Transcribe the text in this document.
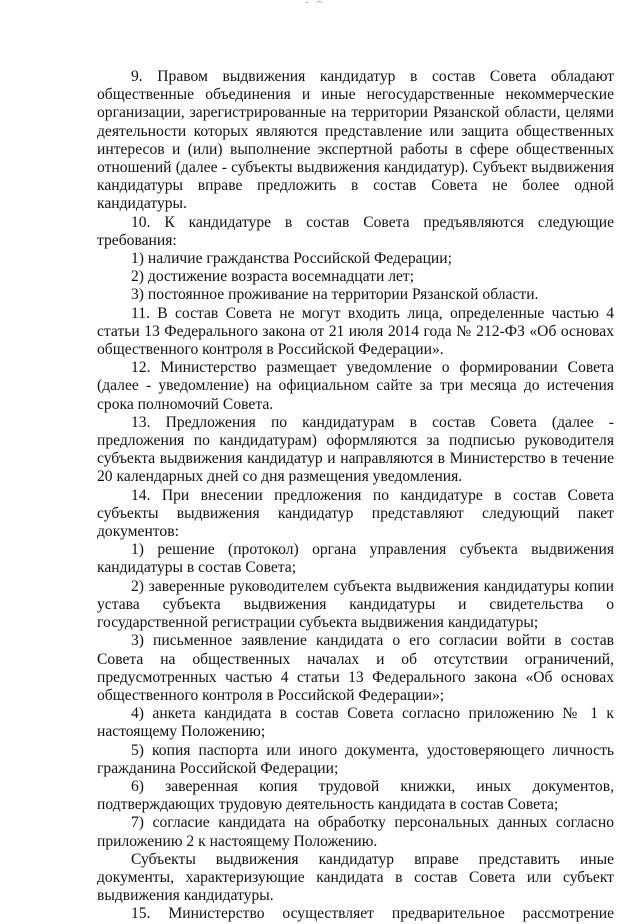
- ~

9. Правом выдвижения кандидатур в состав Совета обладают общественные объединения и иные негосударственные некоммерческие организации, зарегистрированные на территории Рязанской области, целями деятельности которых являются представление или защита общественных интересов и (или) выполнение экспертной работы в сфере общественных отношений (далее - субъекты выдвижения кандидатур). Субъект выдвижения кандидатуры вправе предложить в состав Совета не более одной кандидатуры.

10. К кандидатуре в состав Совета предъявляются следующие требования:

1) наличие гражданства Российской Федерации;

2) достижение возраста восемнадцати лет;

3) постоянное проживание на территории Рязанской области.

11. В состав Совета не могут входить лица, определенные частью 4 статьи 13 Федерального закона от 21 июля 2014 года № 212-ФЗ «Об основах общественного контроля в Российской Федерации».

12. Министерство размещает уведомление о формировании Совета (далее - уведомление) на официальном сайте за три месяца до истечения срока полномочий Совета.

13. Предложения по кандидатурам в состав Совета (далее - предложения по кандидатурам) оформляются за подписью руководителя субъекта выдвижения кандидатур и направляются в Министерство в течение 20 календарных дней со дня размещения уведомления.

14. При внесении предложения по кандидатуре в состав Совета субъекты выдвижения кандидатур представляют следующий пакет документов:

1) решение (протокол) органа управления субъекта выдвижения кандидатуры в состав Совета;

2) заверенные руководителем субъекта выдвижения кандидатуры копии устава субъекта выдвижения кандидатуры и свидетельства о государственной регистрации субъекта выдвижения кандидатуры;

3) письменное заявление кандидата о его согласии войти в состав Совета на общественных началах и об отсутствии ограничений, предусмотренных частью 4 статьи 13 Федерального закона «Об основах общественного контроля в Российской Федерации»;

4) анкета кандидата в состав Совета согласно приложению № 1 к настоящему Положению;

5) копия паспорта или иного документа, удостоверяющего личность гражданина Российской Федерации;

6) заверенная копия трудовой книжки, иных документов, подтверждающих трудовую деятельность кандидата в состав Совета;

7) согласие кандидата на обработку персональных данных согласно приложению 2 к настоящему Положению.

Субъекты выдвижения кандидатур вправе представить иные документы, характеризующие кандидата в состав Совета или субъект выдвижения кандидатуры.

15. Министерство осуществляет предварительное рассмотрение
